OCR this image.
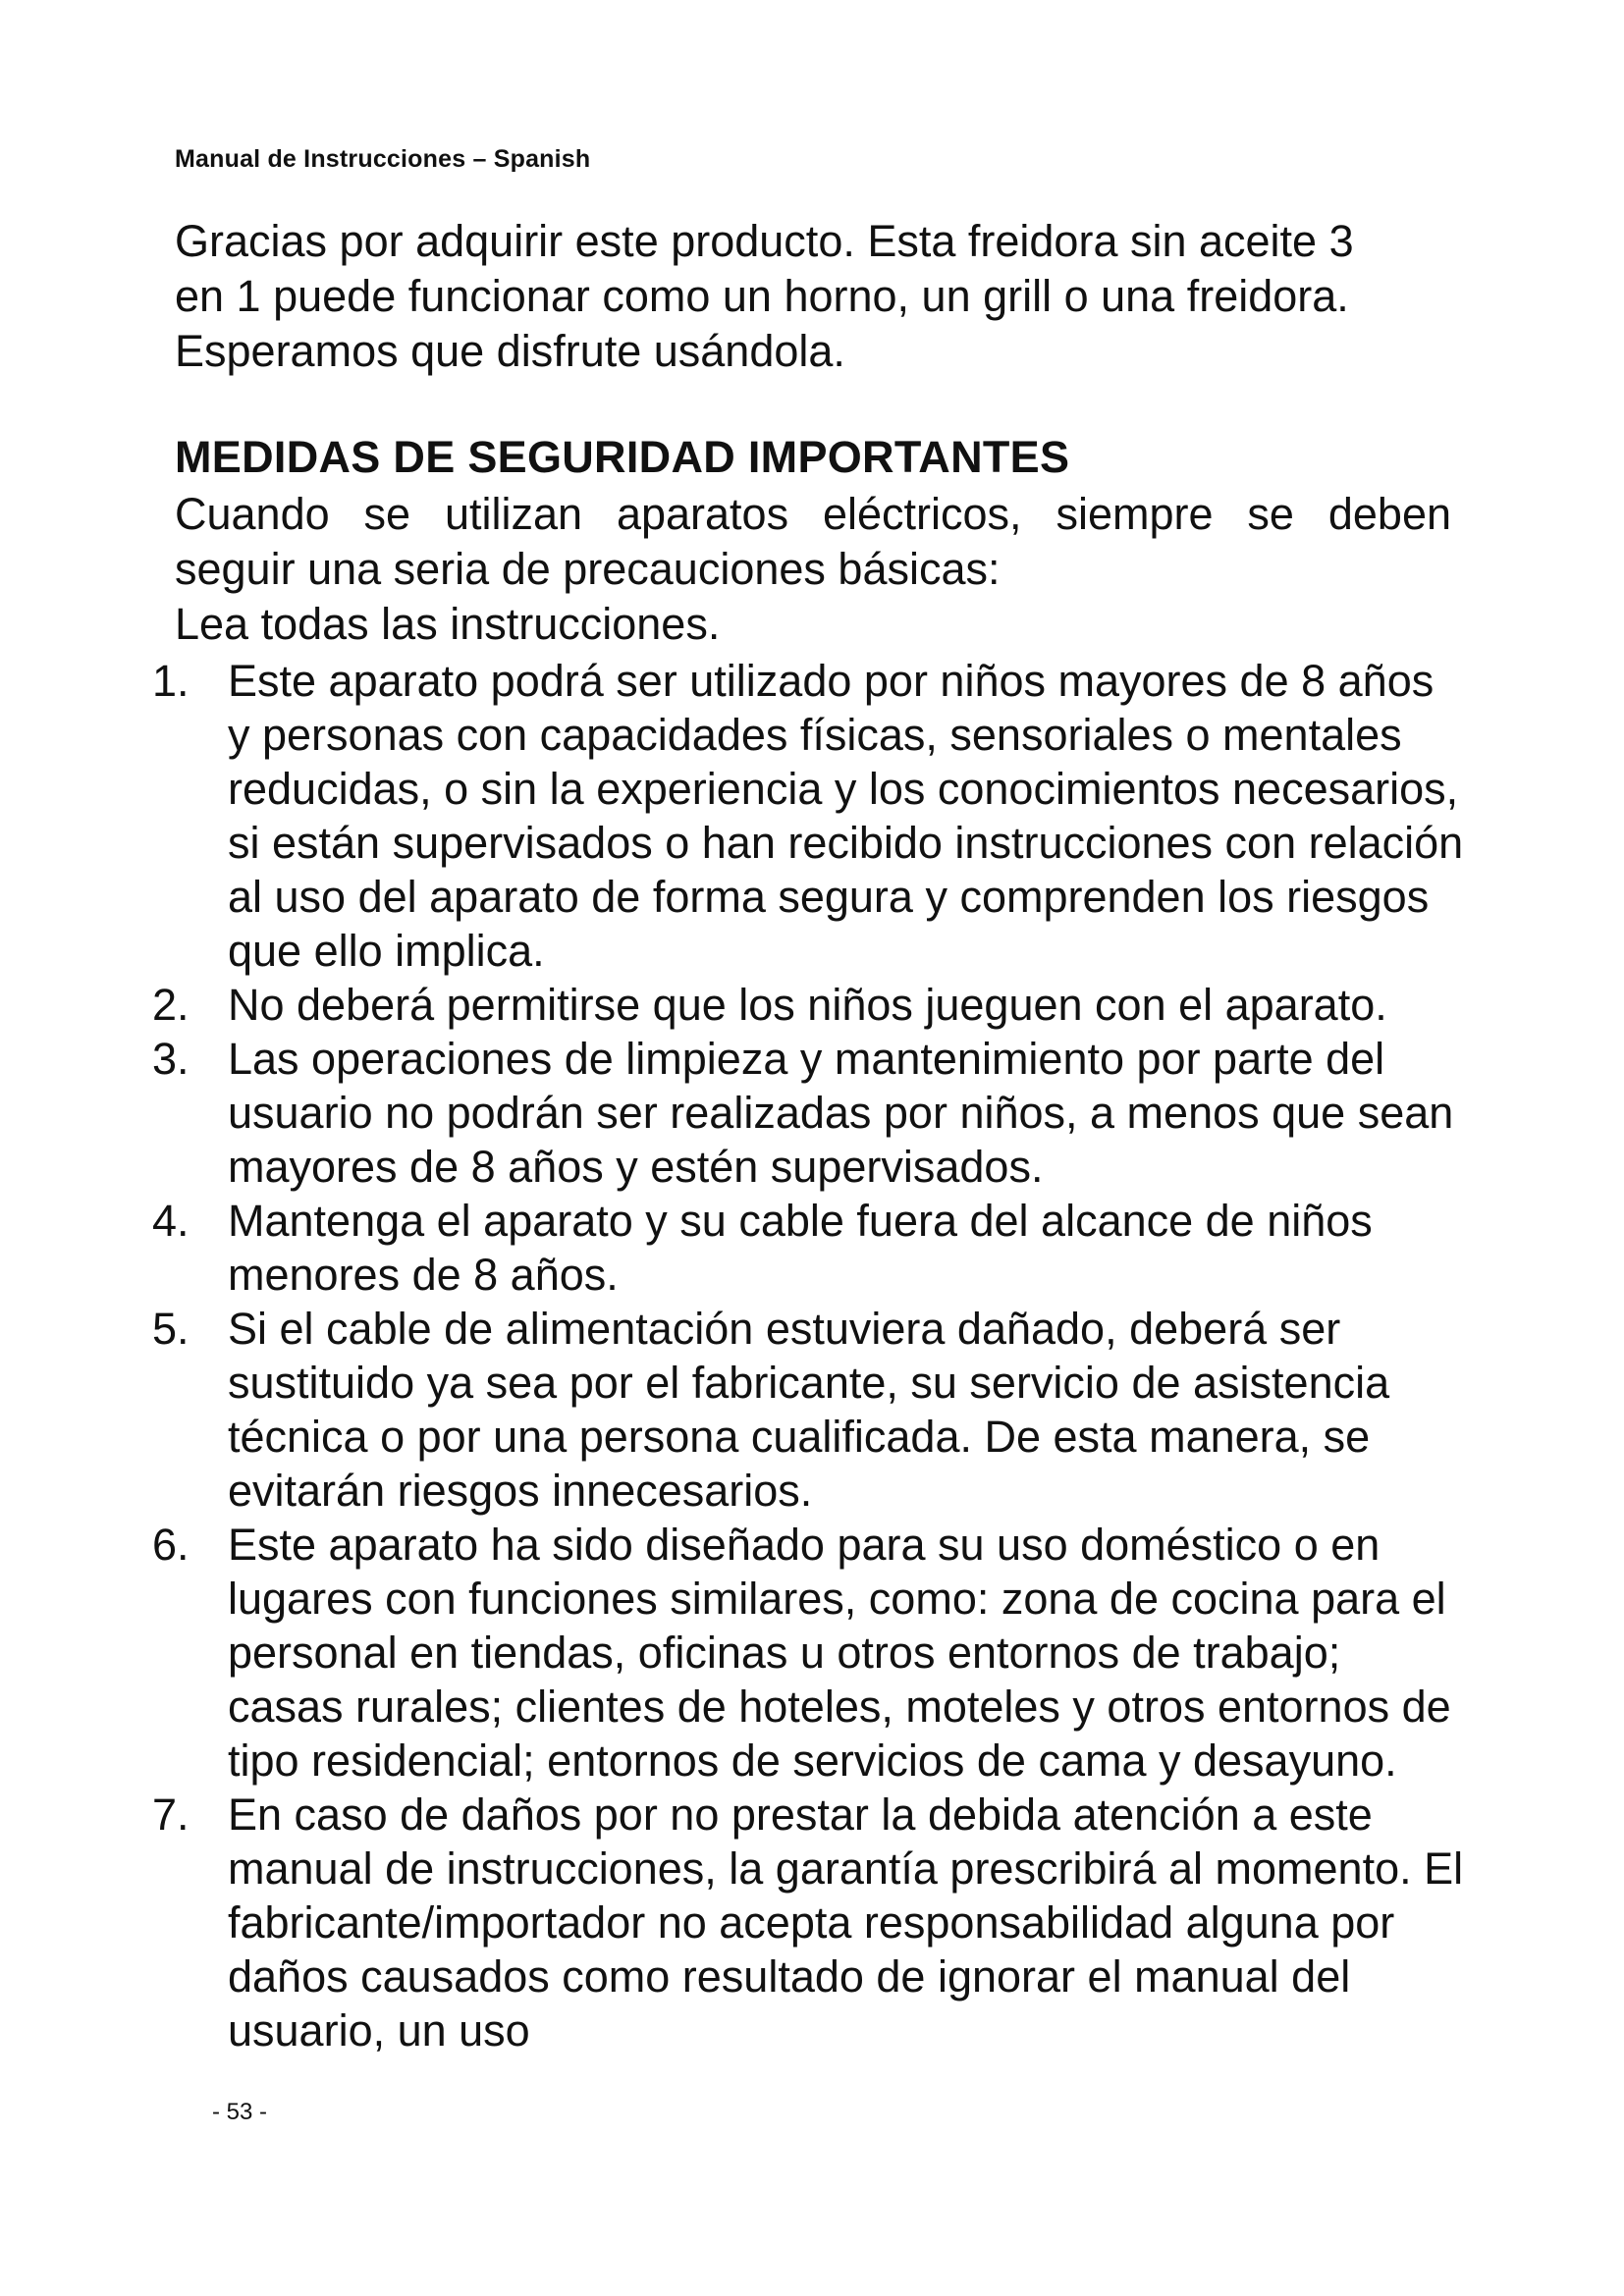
Manual de Instrucciones – Spanish

Gracias por adquirir este producto. Esta freidora sin aceite 3

en 1 puede funcionar como un horno, un grill o una freidora.

Esperamos que disfrute usándola.

MEDIDAS DE SEGURIDAD IMPORTANTES

Cuando se utilizan aparatos eléctricos, siempre se deben

seguir una seria de precauciones básicas:

Lea todas las instrucciones.

1. Este aparato podrá ser utilizado por niños mayores de 8 años y personas con capacidades físicas, sensoriales o mentales reducidas, o sin la experiencia y los conocimientos necesarios, si están supervisados o han recibido instrucciones con relación al uso del aparato de forma segura y comprenden los riesgos que ello implica.
2. No deberá permitirse que los niños jueguen con el aparato.
3. Las operaciones de limpieza y mantenimiento por parte del usuario no podrán ser realizadas por niños, a menos que sean mayores de 8 años y estén supervisados.
4. Mantenga el aparato y su cable fuera del alcance de niños menores de 8 años.
5. Si el cable de alimentación estuviera dañado, deberá ser sustituido ya sea por el fabricante, su servicio de asistencia técnica o por una persona cualificada. De esta manera, se evitarán riesgos innecesarios.
6. Este aparato ha sido diseñado para su uso doméstico o en lugares con funciones similares, como: zona de cocina para el personal en tiendas, oficinas u otros entornos de trabajo; casas rurales; clientes de hoteles, moteles y otros entornos de tipo residencial; entornos de servicios de cama y desayuno.
7. En caso de daños por no prestar la debida atención a este manual de instrucciones, la garantía prescribirá al momento. El fabricante/importador no acepta responsabilidad alguna por daños causados como resultado de ignorar el manual del usuario, un uso
- 53 -
